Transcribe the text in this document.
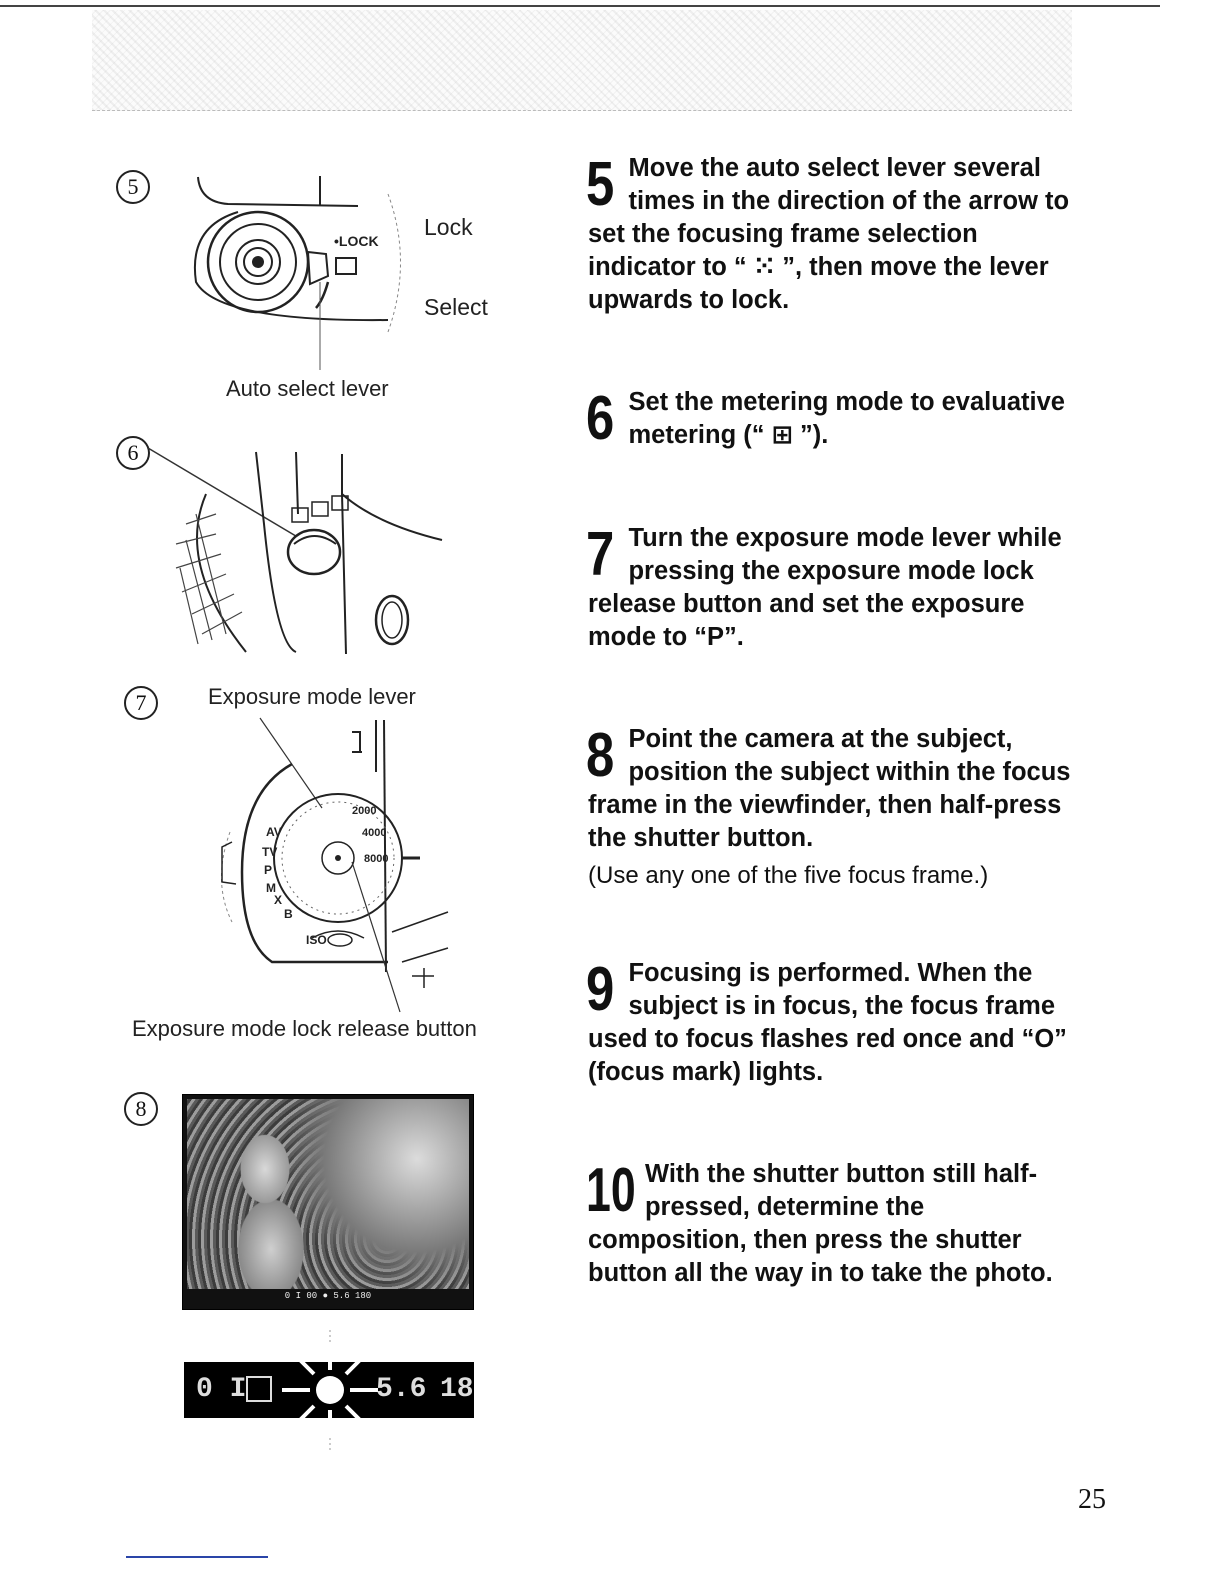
5
•LOCK
Lock
Select
Auto select lever
6
7	Exposure mode lever
AV
TV
P
M
X
B
ISO
8000
4000
2000
Exposure mode lock release button
8
0 I 00 ● 5.6 180
0 I	5.6 18
5 Move the auto select lever several times in the direction of the arrow to set the focusing frame selection indicator to “ ⁙ ”, then move the lever upwards to lock.
6 Set the metering mode to evaluative metering (“ ⊞ ”).
7 Turn the exposure mode lever while pressing the exposure mode lock release button and set the exposure mode to “P”.
8 Point the camera at the subject, position the subject within the focus frame in the viewfinder, then half-press the shutter button.
(Use any one of the five focus frame.)
9 Focusing is performed. When the subject is in focus, the focus frame used to focus flashes red once and “O” (focus mark) lights.
10 With the shutter button still half-pressed, determine the composition, then press the shutter button all the way in to take the photo.
25
